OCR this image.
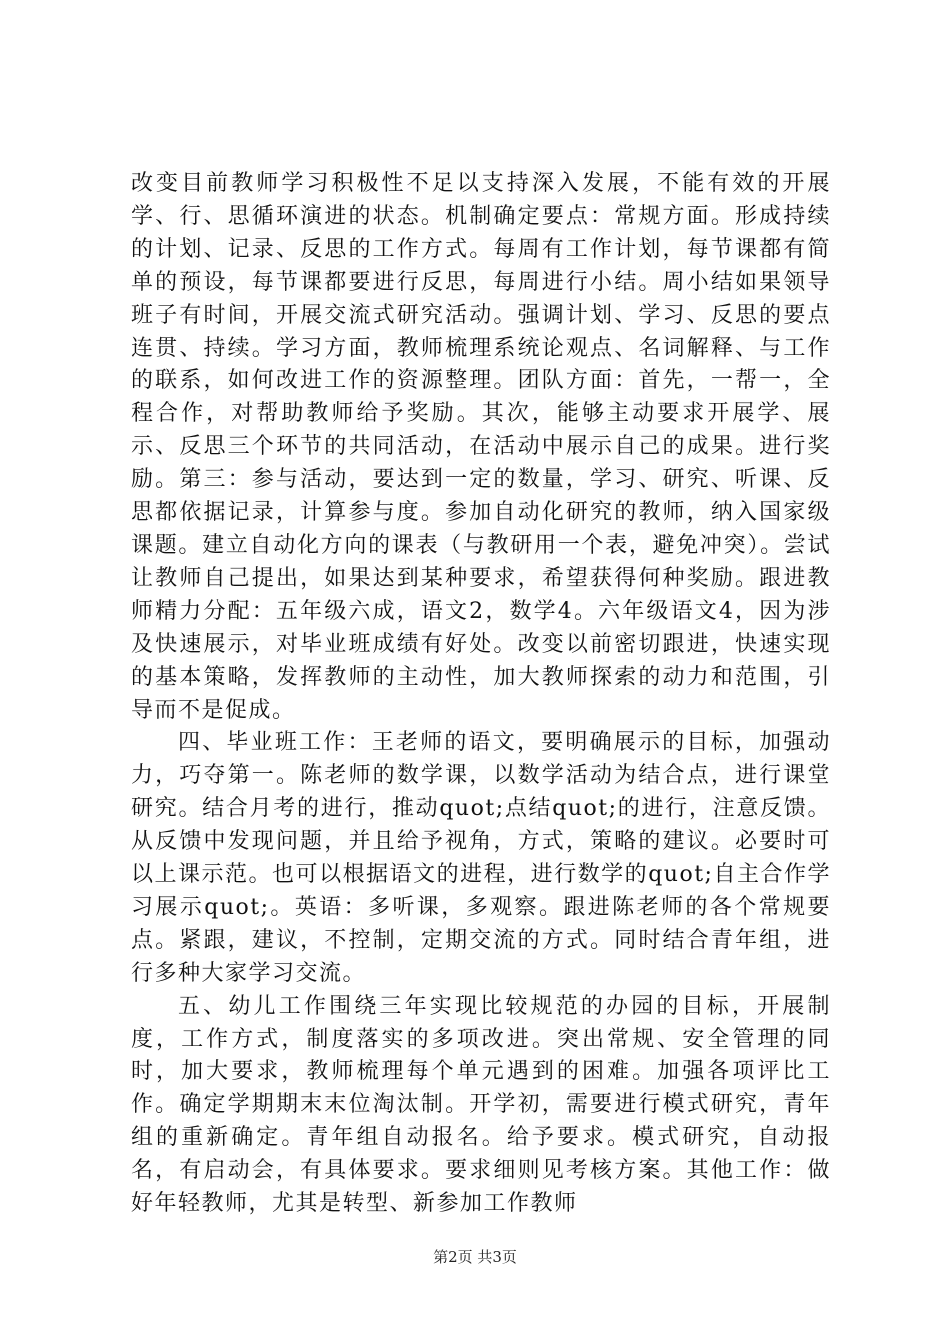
改变目前教师学习积极性不足以支持深入发展，不能有效的开展学、行、思循环演进的状态。机制确定要点：常规方面。形成持续的计划、记录、反思的工作方式。每周有工作计划，每节课都有简单的预设，每节课都要进行反思，每周进行小结。周小结如果领导班子有时间，开展交流式研究活动。强调计划、学习、反思的要点连贯、持续。学习方面，教师梳理系统论观点、名词解释、与工作的联系，如何改进工作的资源整理。团队方面：首先，一帮一，全程合作，对帮助教师给予奖励。其次，能够主动要求开展学、展示、反思三个环节的共同活动，在活动中展示自己的成果。进行奖励。第三：参与活动，要达到一定的数量，学习、研究、听课、反思都依据记录，计算参与度。参加自动化研究的教师，纳入国家级课题。建立自动化方向的课表（与教研用一个表，避免冲突）。尝试让教师自己提出，如果达到某种要求，希望获得何种奖励。跟进教师精力分配：五年级六成，语文2，数学4。六年级语文4，因为涉及快速展示，对毕业班成绩有好处。改变以前密切跟进，快速实现的基本策略，发挥教师的主动性，加大教师探索的动力和范围，引导而不是促成。

四、毕业班工作：王老师的语文，要明确展示的目标，加强动力，巧夺第一。陈老师的数学课，以数学活动为结合点，进行课堂研究。结合月考的进行，推动quot;点结quot;的进行，注意反馈。从反馈中发现问题，并且给予视角，方式，策略的建议。必要时可以上课示范。也可以根据语文的进程，进行数学的quot;自主合作学习展示quot;。英语：多听课，多观察。跟进陈老师的各个常规要点。紧跟，建议，不控制，定期交流的方式。同时结合青年组，进行多种大家学习交流。

五、幼儿工作围绕三年实现比较规范的办园的目标，开展制度，工作方式，制度落实的多项改进。突出常规、安全管理的同时，加大要求，教师梳理每个单元遇到的困难。加强各项评比工作。确定学期期末末位淘汰制。开学初，需要进行模式研究，青年组的重新确定。青年组自动报名。给予要求。模式研究，自动报名，有启动会，有具体要求。要求细则见考核方案。其他工作：做好年轻教师，尤其是转型、新参加工作教师

第2页 共3页
